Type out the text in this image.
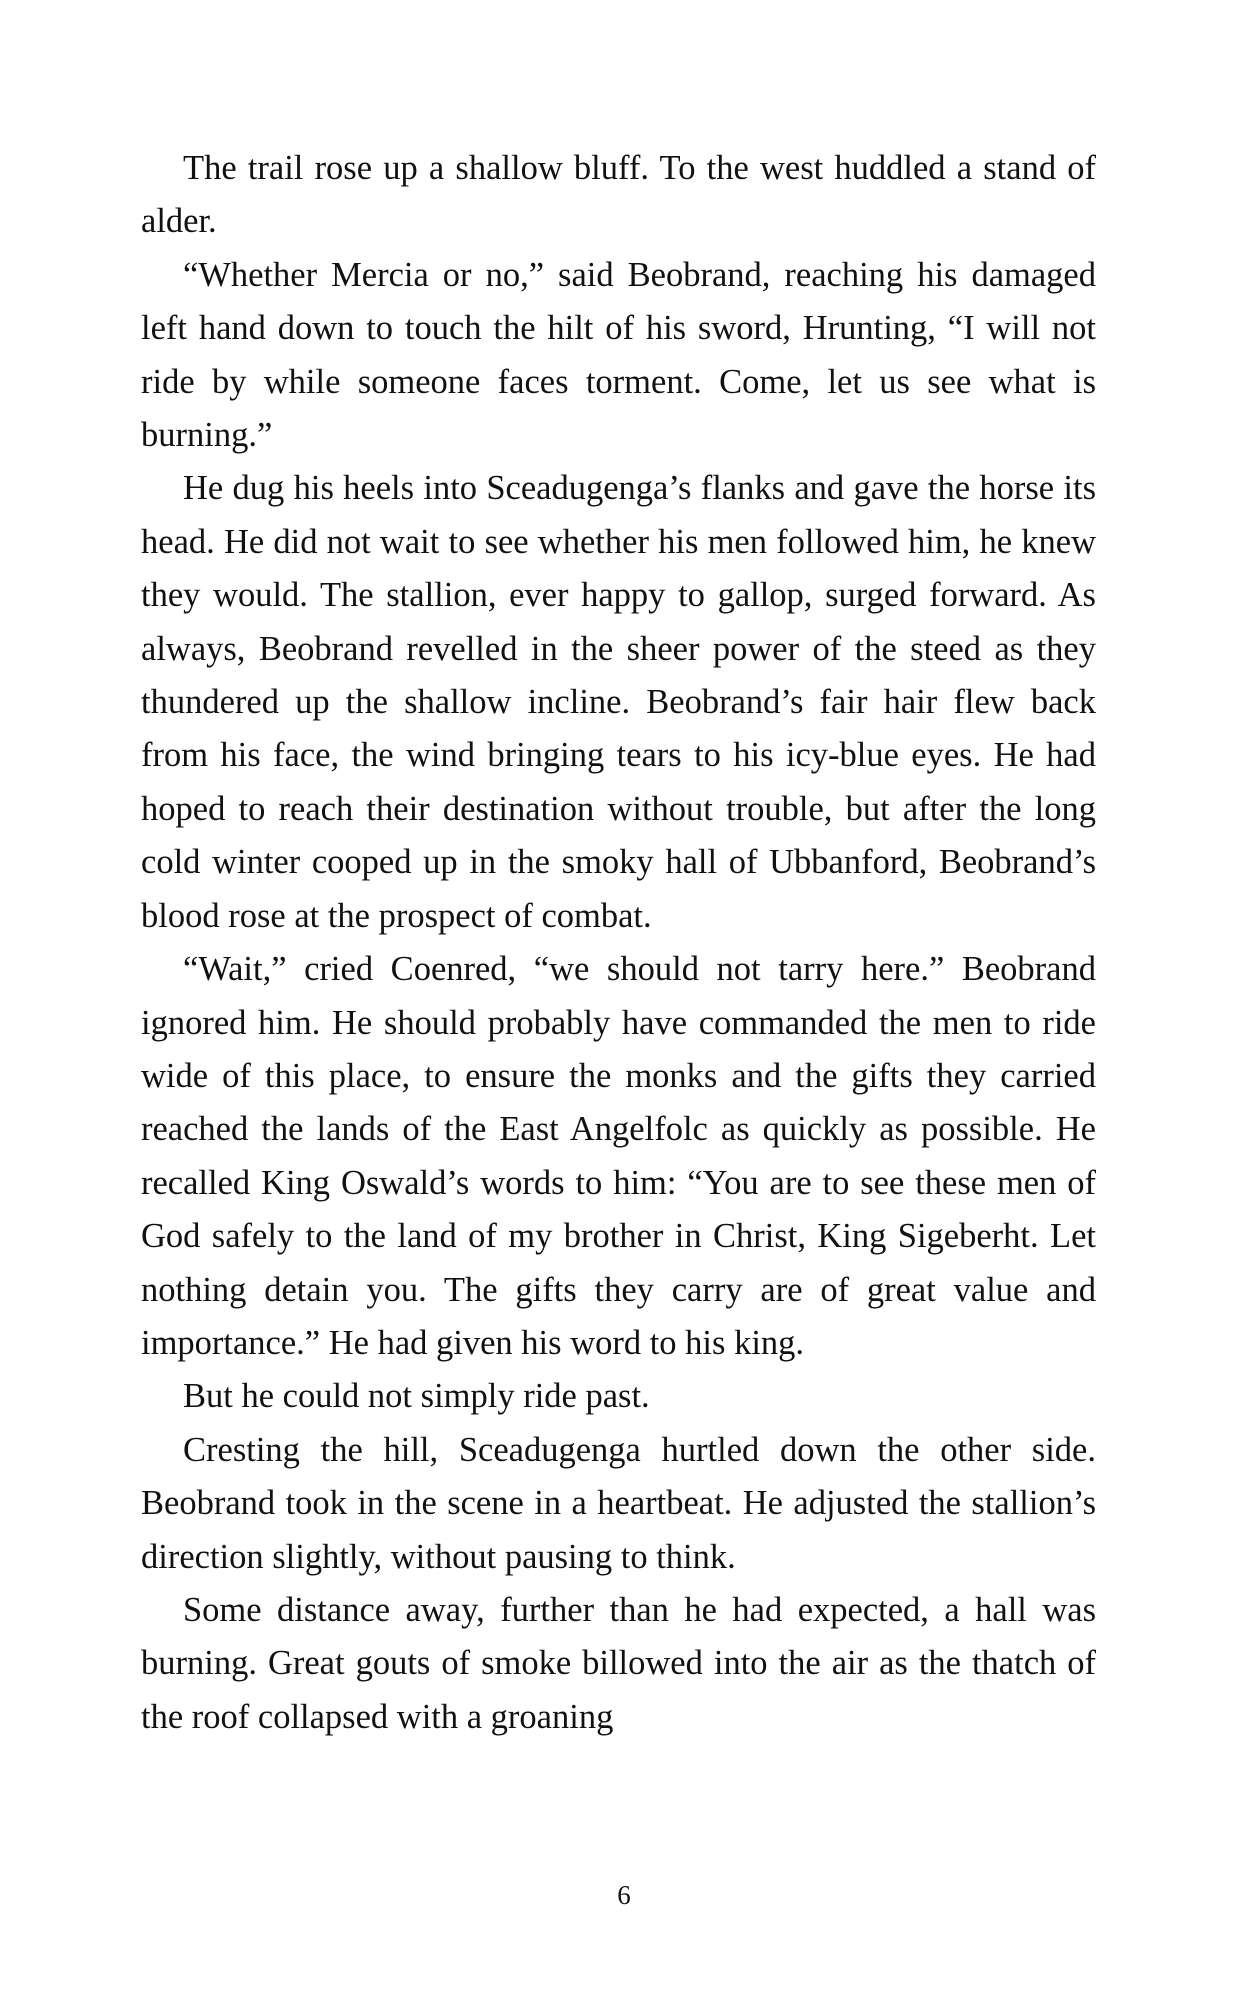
The trail rose up a shallow bluff. To the west huddled a stand of alder.

“Whether Mercia or no,” said Beobrand, reaching his damaged left hand down to touch the hilt of his sword, Hrunting, “I will not ride by while someone faces torment. Come, let us see what is burning.”

He dug his heels into Sceadugenga’s flanks and gave the horse its head. He did not wait to see whether his men followed him, he knew they would. The stallion, ever happy to gallop, surged forward. As always, Beobrand revelled in the sheer power of the steed as they thundered up the shallow incline. Beobrand’s fair hair flew back from his face, the wind bringing tears to his icy-blue eyes. He had hoped to reach their destination without trouble, but after the long cold winter cooped up in the smoky hall of Ubbanford, Beobrand’s blood rose at the prospect of combat.

“Wait,” cried Coenred, “we should not tarry here.” Beobrand ignored him. He should probably have commanded the men to ride wide of this place, to ensure the monks and the gifts they carried reached the lands of the East Angelfolc as quickly as possible. He recalled King Oswald’s words to him: “You are to see these men of God safely to the land of my brother in Christ, King Sigeberht. Let nothing detain you. The gifts they carry are of great value and importance.” He had given his word to his king.

But he could not simply ride past.

Cresting the hill, Sceadugenga hurtled down the other side. Beobrand took in the scene in a heartbeat. He adjusted the stallion’s direction slightly, without pausing to think.

Some distance away, further than he had expected, a hall was burning. Great gouts of smoke billowed into the air as the thatch of the roof collapsed with a groaning

6
